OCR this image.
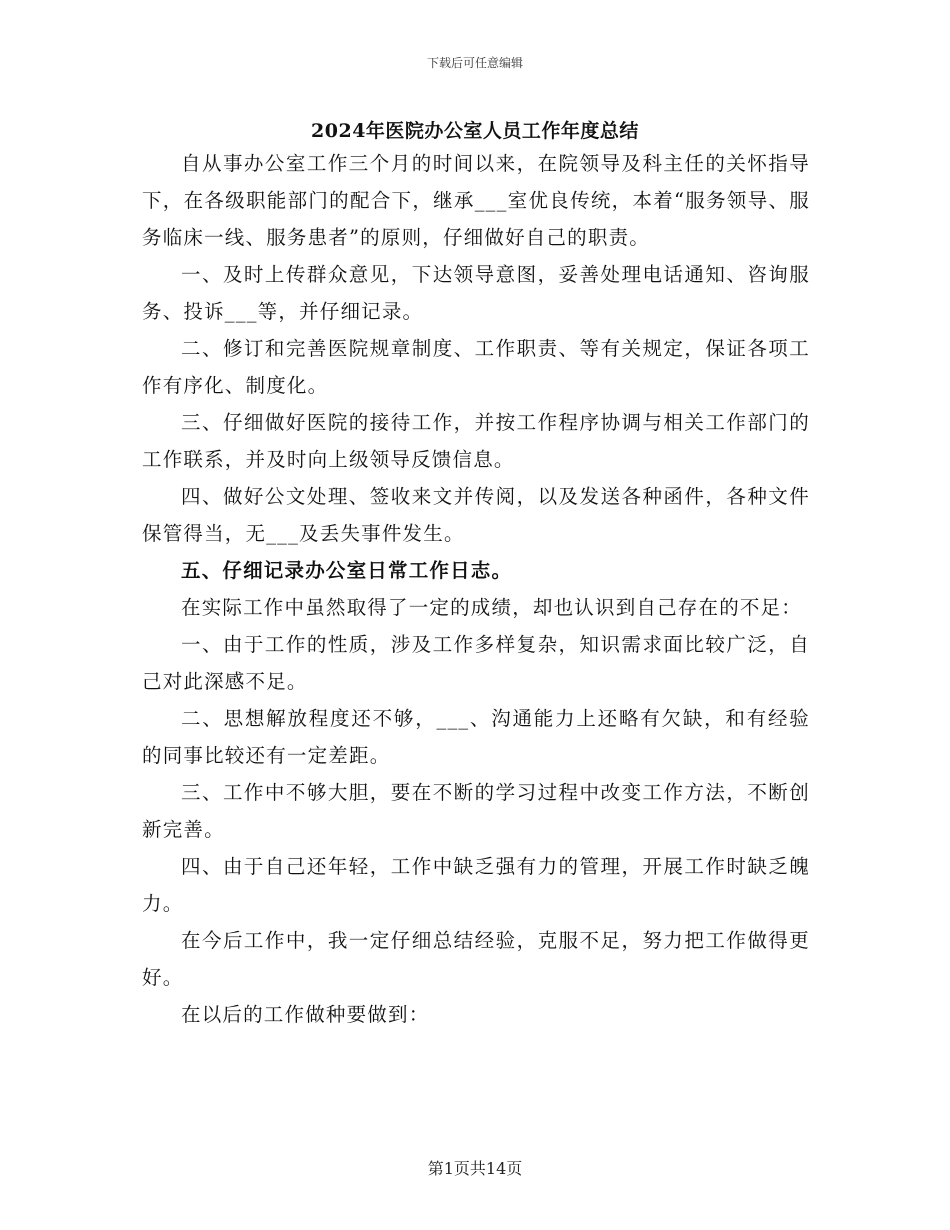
下载后可任意编辑
2024年医院办公室人员工作年度总结

自从事办公室工作三个月的时间以来，在院领导及科主任的关怀指导下，在各级职能部门的配合下，继承___室优良传统，本着“服务领导、服务临床一线、服务患者”的原则，仔细做好自己的职责。

一、及时上传群众意见，下达领导意图，妥善处理电话通知、咨询服务、投诉___等，并仔细记录。

二、修订和完善医院规章制度、工作职责、等有关规定，保证各项工作有序化、制度化。

三、仔细做好医院的接待工作，并按工作程序协调与相关工作部门的工作联系，并及时向上级领导反馈信息。

四、做好公文处理、签收来文并传阅，以及发送各种函件，各种文件保管得当，无___及丢失事件发生。

五、仔细记录办公室日常工作日志。

在实际工作中虽然取得了一定的成绩，却也认识到自己存在的不足：

一、由于工作的性质，涉及工作多样复杂，知识需求面比较广泛，自己对此深感不足。

二、思想解放程度还不够，___、沟通能力上还略有欠缺，和有经验的同事比较还有一定差距。

三、工作中不够大胆，要在不断的学习过程中改变工作方法，不断创新完善。

四、由于自己还年轻，工作中缺乏强有力的管理，开展工作时缺乏魄力。

在今后工作中，我一定仔细总结经验，克服不足，努力把工作做得更好。

在以后的工作做种要做到：

第1页共14页
